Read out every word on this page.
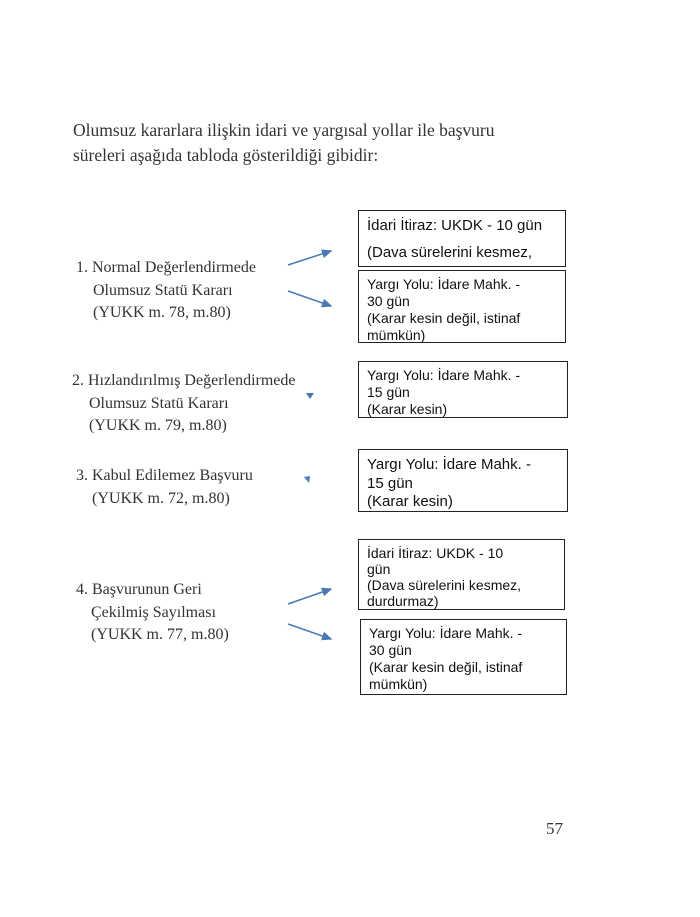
Olumsuz kararlara ilişkin idari ve yargısal yollar ile başvuru
süreleri aşağıda tabloda gösterildiği gibidir:
1. Normal Değerlendirmede
Olumsuz Statü Kararı
(YUKK m. 78, m.80)
2. Hızlandırılmış Değerlendirmede
Olumsuz Statü Kararı
(YUKK m. 79, m.80)
3. Kabul Edilemez Başvuru
(YUKK m. 72, m.80)
4. Başvurunun Geri
Çekilmiş Sayılması
(YUKK m. 77, m.80)
İdari İtiraz: UKDK - 10 gün
(Dava sürelerini kesmez,
Yargı Yolu: İdare Mahk. -
30 gün
(Karar kesin değil, istinaf
mümkün)
Yargı Yolu: İdare Mahk. -
15 gün
(Karar kesin)
Yargı Yolu: İdare Mahk. -
15 gün
(Karar kesin)
İdari İtiraz: UKDK - 10
gün
(Dava sürelerini kesmez,
durdurmaz)
Yargı Yolu: İdare Mahk. -
30 gün
(Karar kesin değil, istinaf
mümkün)
57
